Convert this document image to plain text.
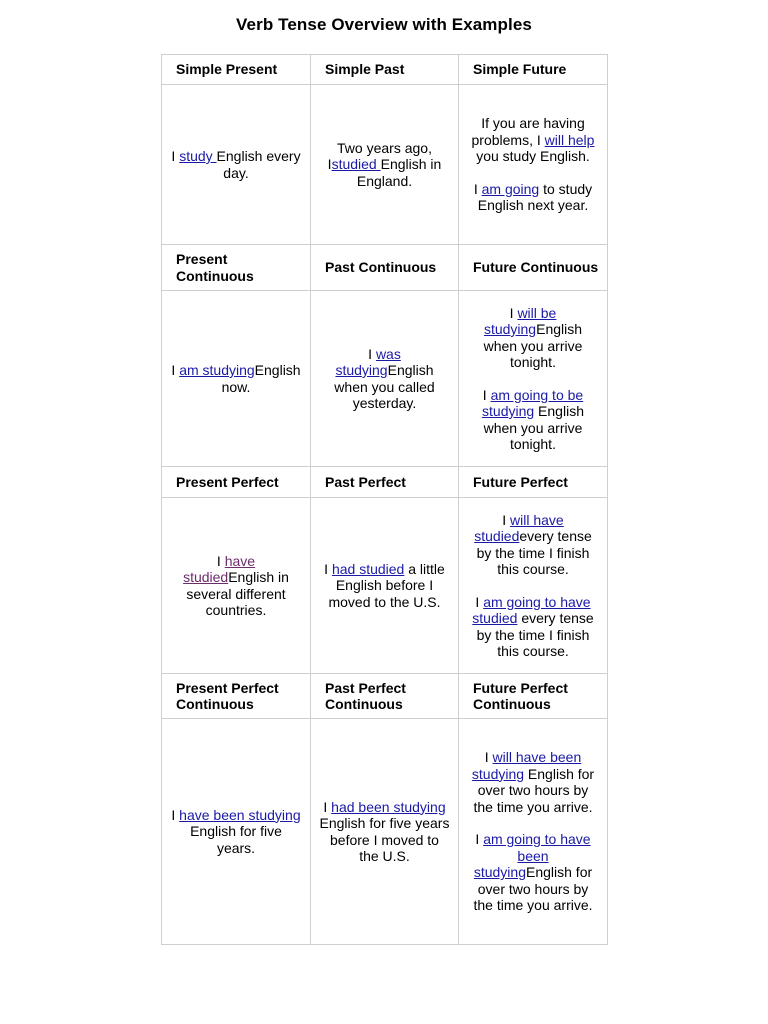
Verb Tense Overview with Examples
Simple Present	Simple Past	Simple Future
I study English every day.	Two years ago, Istudied English in England.	If you are having problems, I will help you study English.
I am going to study English next year.

Present Continuous	Past Continuous	Future Continuous
I am studyingEnglish now.	I was studyingEnglish when you called yesterday.	I will be studyingEnglish when you arrive tonight.
I am going to be studying English when you arrive tonight.

Present Perfect	Past Perfect	Future Perfect
I have studiedEnglish in several different countries.	I had studied a little English before I moved to the U.S.	I will have studiedevery tense by the time I finish this course.
I am going to have studied every tense by the time I finish this course.

Present Perfect Continuous	Past Perfect Continuous	Future Perfect Continuous
I have been studying English for five years.	I had been studying English for five years before I moved to the U.S.	I will have been studying English for over two hours by the time you arrive.
I am going to have been studyingEnglish for over two hours by the time you arrive.
